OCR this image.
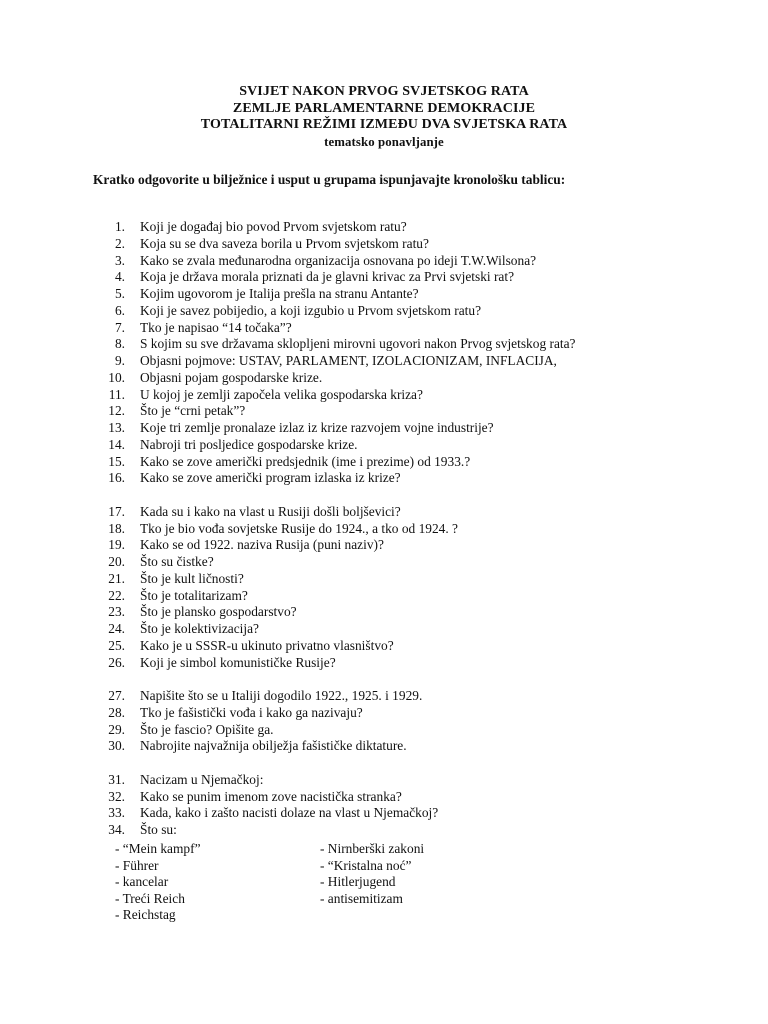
SVIJET NAKON PRVOG SVJETSKOG RATA
ZEMLJE PARLAMENTARNE DEMOKRACIJE
TOTALITARNI REŽIMI IZMEĐU DVA SVJETSKA RATA
tematsko ponavljanje
Kratko odgovorite u bilježnice i usput u grupama ispunjavajte kronološku tablicu:
1. Koji je događaj bio povod Prvom svjetskom ratu?
2. Koja su se dva saveza borila u Prvom svjetskom ratu?
3. Kako se zvala međunarodna organizacija osnovana po ideji T.W.Wilsona?
4. Koja je država morala priznati da je glavni krivac za Prvi svjetski rat?
5. Kojim ugovorom je Italija prešla na stranu Antante?
6. Koji je savez pobijedio, a koji izgubio u Prvom svjetskom ratu?
7. Tko je napisao “14 točaka”?
8. S kojim su sve državama sklopljeni mirovni ugovori nakon Prvog svjetskog rata?
9. Objasni pojmove: USTAV, PARLAMENT, IZOLACIONIZAM, INFLACIJA,
10. Objasni pojam gospodarske krize.
11. U kojoj je zemlji započela velika gospodarska kriza?
12. Što je “crni petak”?
13. Koje tri zemlje pronalaze izlaz iz krize razvojem vojne industrije?
14. Nabroji tri posljedice gospodarske krize.
15. Kako se zove američki predsjednik (ime i prezime) od 1933.?
16. Kako se zove američki program izlaska iz krize?
17. Kada su i kako na vlast u Rusiji došli boljševici?
18. Tko je bio vođa sovjetske Rusije do 1924., a tko od 1924. ?
19. Kako se od 1922. naziva Rusija (puni naziv)?
20. Što su čistke?
21. Što je kult ličnosti?
22. Što je totalitarizam?
23. Što je plansko gospodarstvo?
24. Što je kolektivizacija?
25. Kako je u SSSR-u ukinuto privatno vlasništvo?
26. Koji je simbol komunističke Rusije?
27. Napišite što se u Italiji dogodilo 1922., 1925. i 1929.
28. Tko je fašistički vođa i kako ga nazivaju?
29. Što je fascio? Opišite ga.
30. Nabrojite najvažnija obilježja fašističke diktature.
31. Nacizam u Njemačkoj:
32. Kako se punim imenom zove nacistička stranka?
33. Kada, kako i zašto nacisti dolaze na vlast u Njemačkoj?
34. Što su:
- “Mein kampf”	- Nirnberški zakoni
- Führer	- “Kristalna noć”
- kancelar	- Hitlerjugend
- Treći Reich	- antisemitizam
- Reichstag
